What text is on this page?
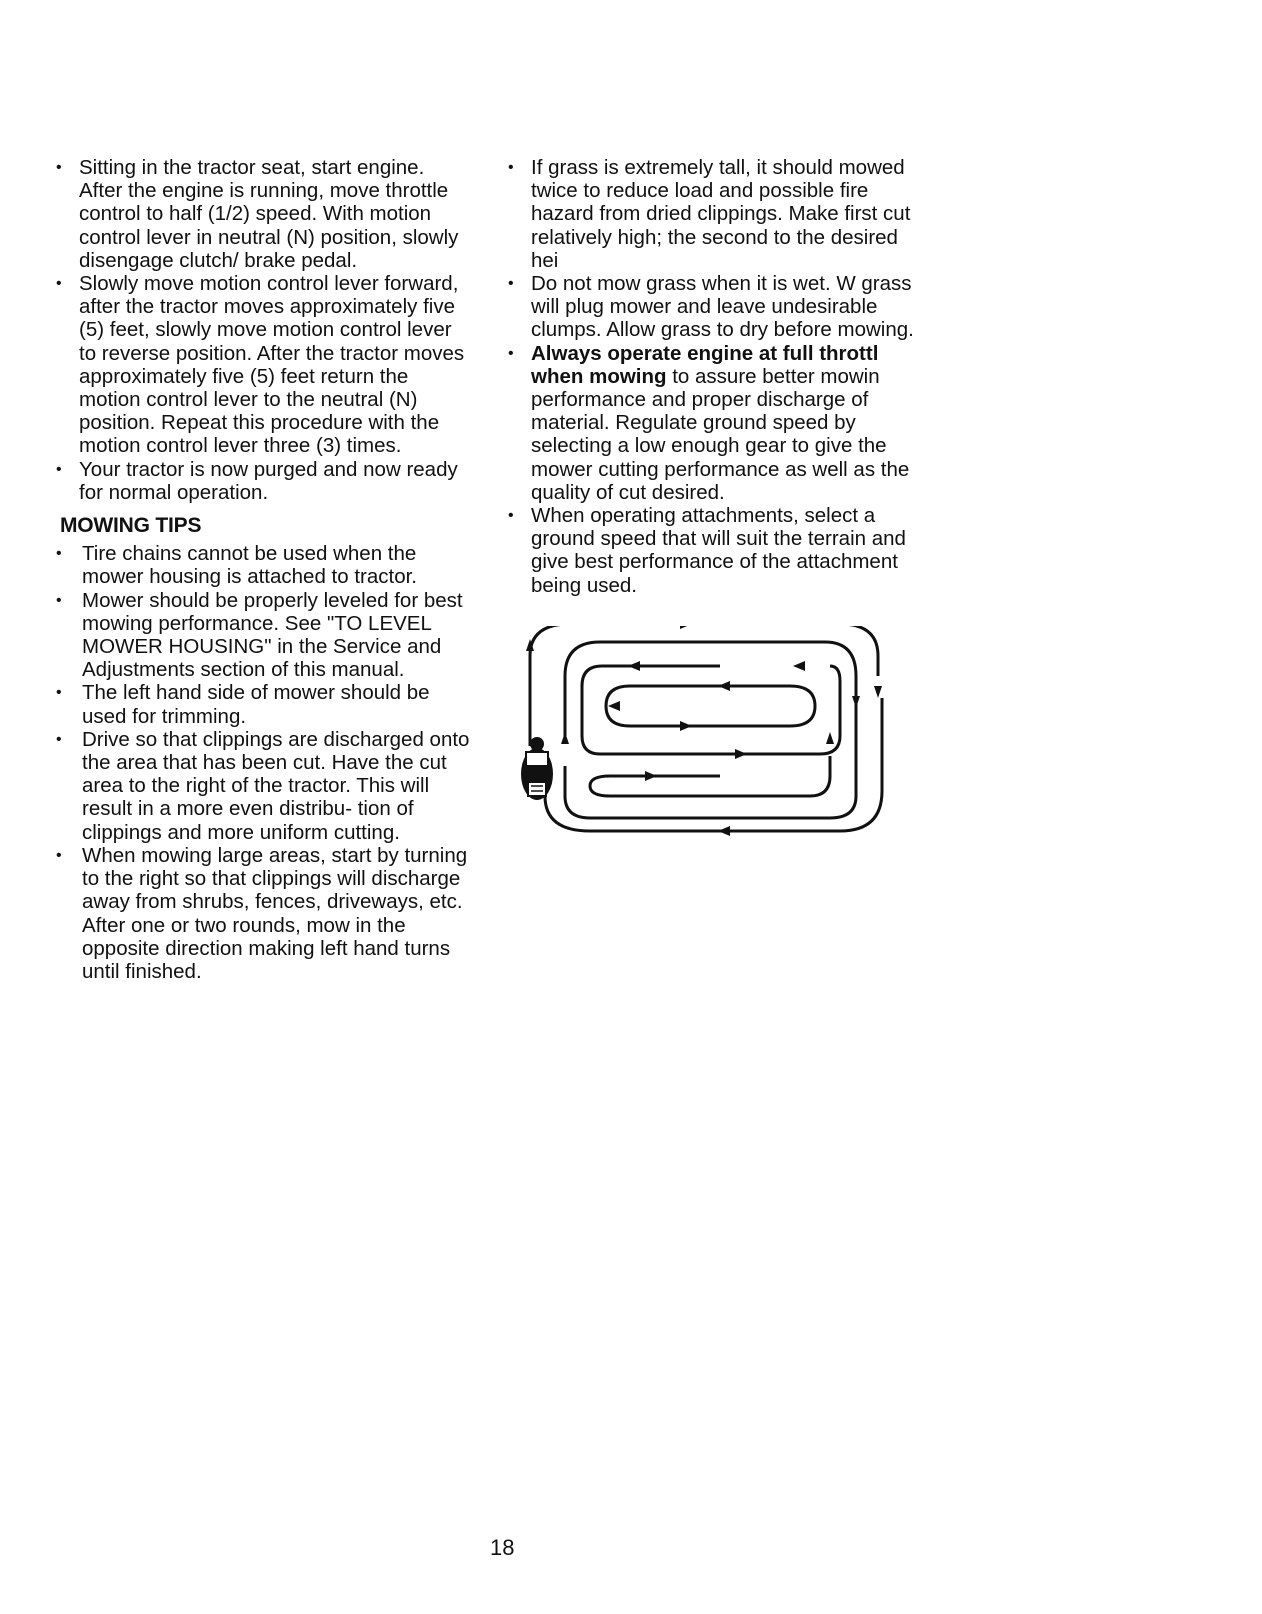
• Sitting in the tractor seat, start engine. After the engine is running, move throttle control to half (1/2) speed. With motion control lever in neutral (N) position, slowly disengage clutch/ brake pedal.
• Slowly move motion control lever forward, after the tractor moves approximately five (5) feet, slowly move motion control lever to reverse position. After the tractor moves approximately five (5) feet return the motion control lever to the neutral (N) position. Repeat this procedure with the motion control lever three (3) times.
• Your tractor is now purged and now ready for normal operation.
MOWING TIPS
• Tire chains cannot be used when the mower housing is attached to tractor.
• Mower should be properly leveled for best mowing performance. See "TO LEVEL MOWER HOUSING" in the Service and Adjustments section of this manual.
• The left hand side of mower should be used for trimming.
• Drive so that clippings are discharged onto the area that has been cut. Have the cut area to the right of the tractor. This will result in a more even distribu- tion of clippings and more uniform cutting.
• When mowing large areas, start by turning to the right so that clippings will discharge away from shrubs, fences, driveways, etc. After one or two rounds, mow in the opposite direction making left hand turns until finished.
• If grass is extremely tall, it should mowed twice to reduce load and possible fire hazard from dried clippings. Make first cut relatively high; the second to the desired hei
• Do not mow grass when it is wet. W grass will plug mower and leave undesirable clumps. Allow grass to dry before mowing.
• Always operate engine at full throttl when mowing to assure better mowin performance and proper discharge of material. Regulate ground speed by selecting a low enough gear to give the mower cutting performance as well as the quality of cut desired.
• When operating attachments, select a ground speed that will suit the terrain and give best performance of the attachment being used.
18
